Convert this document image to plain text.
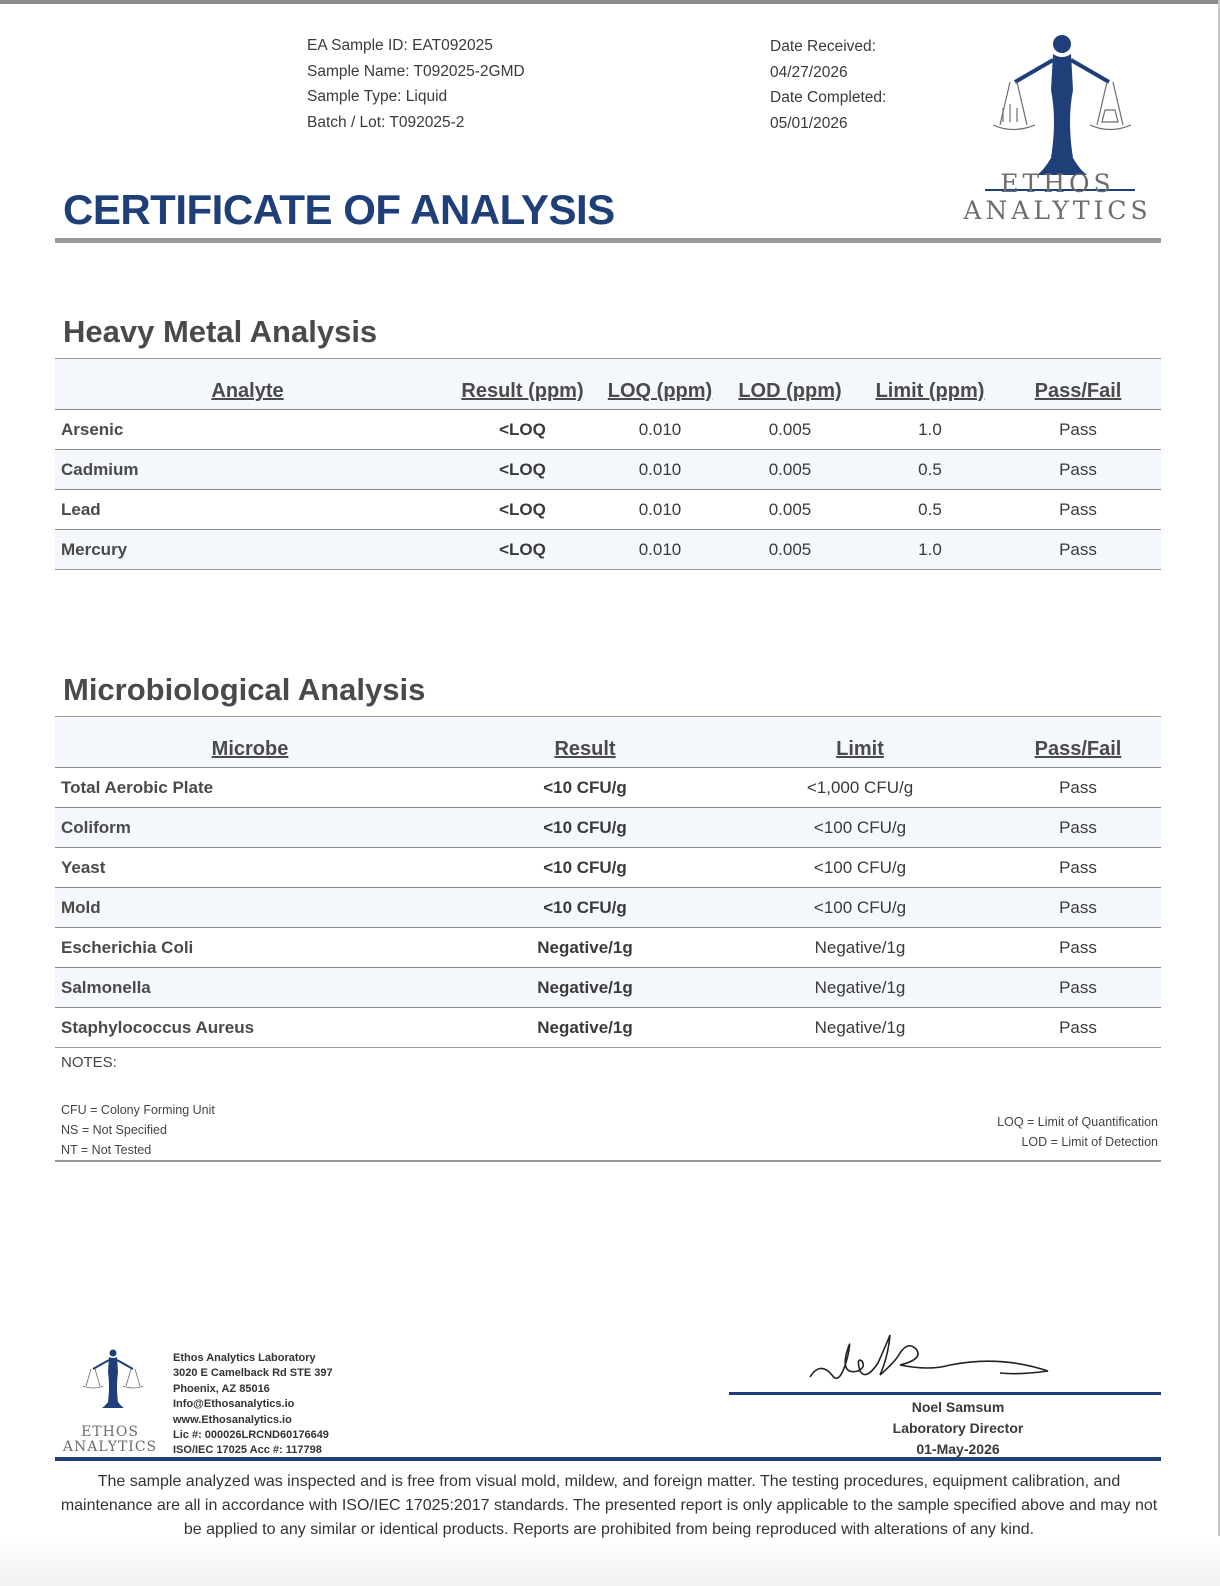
EA Sample ID: EAT092025
Sample Name: T092025-2GMD
Sample Type: Liquid
Batch / Lot: T092025-2
Date Received:
04/27/2026
Date Completed:
05/01/2026
ETHOS
ANALYTICS
CERTIFICATE OF ANALYSIS
Heavy Metal Analysis
Analyte	Result (ppm)	LOQ (ppm)	LOD (ppm)	Limit (ppm)	Pass/Fail
Arsenic	<LOQ	0.010	0.005	1.0	Pass
Cadmium	<LOQ	0.010	0.005	0.5	Pass
Lead	<LOQ	0.010	0.005	0.5	Pass
Mercury	<LOQ	0.010	0.005	1.0	Pass
Microbiological Analysis
Microbe	Result	Limit	Pass/Fail
Total Aerobic Plate	<10 CFU/g	<1,000 CFU/g	Pass
Coliform	<10 CFU/g	<100 CFU/g	Pass
Yeast	<10 CFU/g	<100 CFU/g	Pass
Mold	<10 CFU/g	<100 CFU/g	Pass
Escherichia Coli	Negative/1g	Negative/1g	Pass
Salmonella	Negative/1g	Negative/1g	Pass
Staphylococcus Aureus	Negative/1g	Negative/1g	Pass
NOTES:
CFU = Colony Forming Unit
NS = Not Specified
NT = Not Tested
LOQ = Limit of Quantification
LOD = Limit of Detection
ETHOS
ANALYTICS
Ethos Analytics Laboratory
3020 E Camelback Rd STE 397
Phoenix, AZ 85016
Info@Ethosanalytics.io
www.Ethosanalytics.io
Lic #: 000026LRCND60176649
ISO/IEC 17025 Acc #: 117798
Noel Samsum
Laboratory Director
01-May-2026
The sample analyzed was inspected and is free from visual mold, mildew, and foreign matter. The testing procedures, equipment calibration, and maintenance are all in accordance with ISO/IEC 17025:2017 standards. The presented report is only applicable to the sample specified above and may not be applied to any similar or identical products. Reports are prohibited from being reproduced with alterations of any kind.
